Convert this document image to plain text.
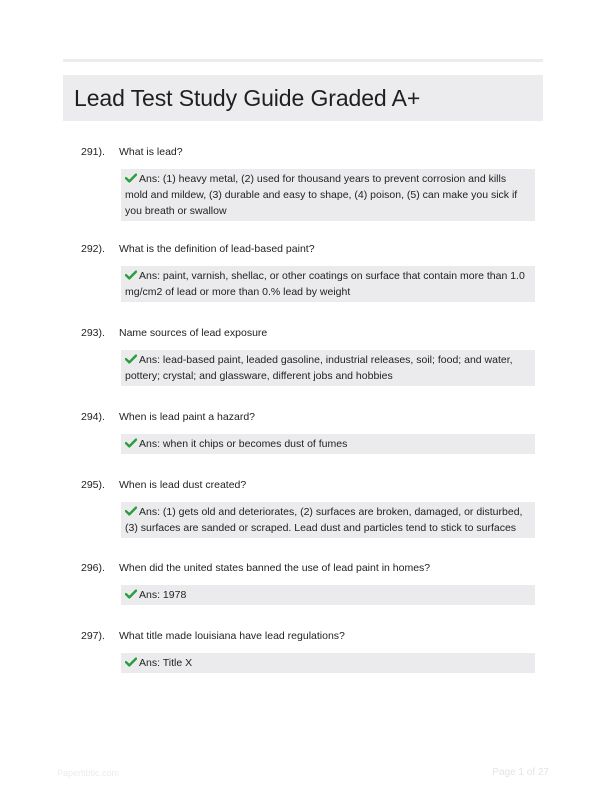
Lead Test Study Guide Graded A+
291).	What is lead?
Ans: (1) heavy metal, (2) used for thousand years to prevent corrosion and kills mold and mildew, (3) durable and easy to shape, (4) poison, (5) can make you sick if you breath or swallow
292).	What is the definition of lead-based paint?
Ans: paint, varnish, shellac, or other coatings on surface that contain more than 1.0 mg/cm2 of lead or more than 0.% lead by weight
293).	Name sources of lead exposure
Ans: lead-based paint, leaded gasoline, industrial releases, soil; food; and water, pottery; crystal; and glassware, different jobs and hobbies
294).	When is lead paint a hazard?
Ans: when it chips or becomes dust of fumes
295).	When is lead dust created?
Ans: (1) gets old and deteriorates, (2) surfaces are broken, damaged, or disturbed, (3) surfaces are sanded or scraped. Lead dust and particles tend to stick to surfaces
296).	When did the united states banned the use of lead paint in homes?
Ans: 1978
297).	What title made louisiana have lead regulations?
Ans: Title X
Papertibtic.com	Page 1 of 27
